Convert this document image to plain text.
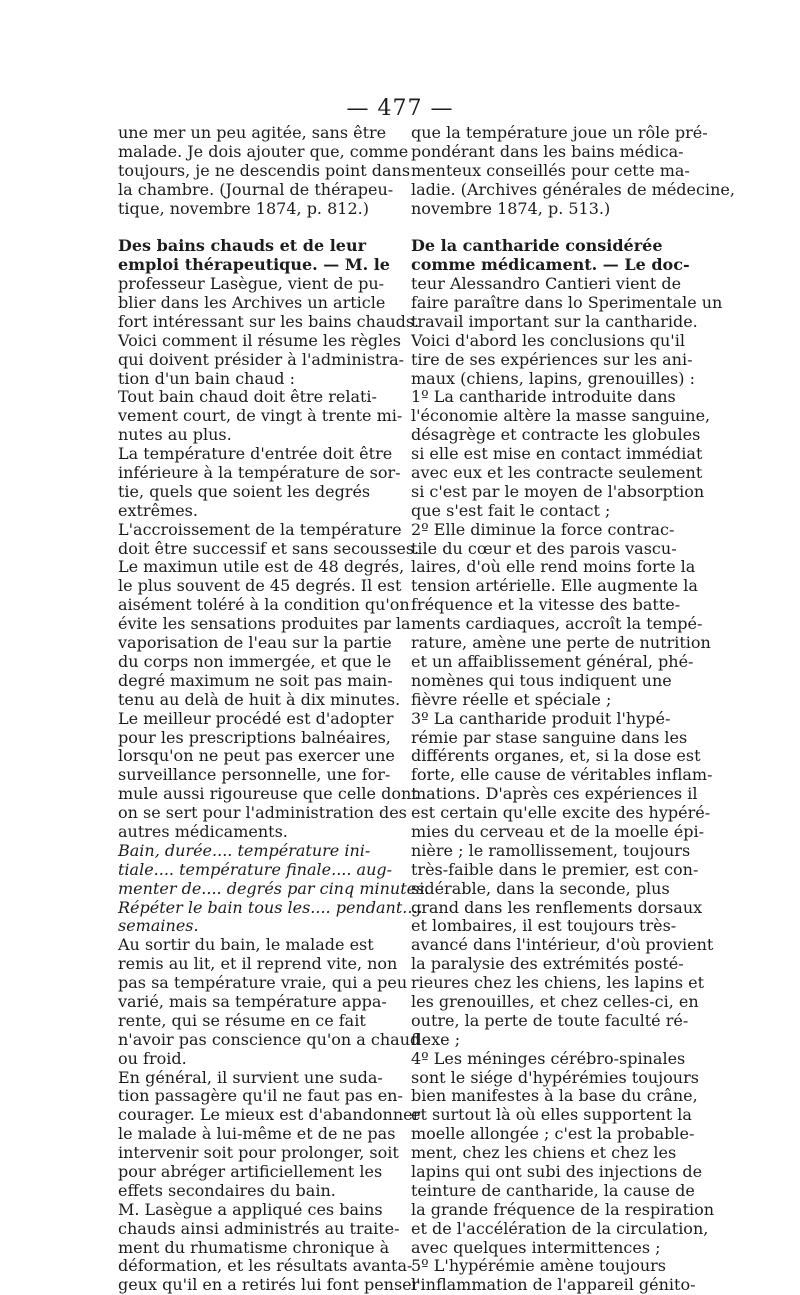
— 477 —
une mer un peu agitée, sans être
malade. Je dois ajouter que, comme
toujours, je ne descendis point dans
la chambre. (Journal de thérapeu-
tique, novembre 1874, p. 812.)
Des bains chauds et de leur
emploi thérapeutique. — M. le
professeur Lasègue, vient de pu-
blier dans les Archives un article
fort intéressant sur les bains chauds.
Voici comment il résume les règles
qui doivent présider à l'administra-
tion d'un bain chaud :
Tout bain chaud doit être relati-
vement court, de vingt à trente mi-
nutes au plus.
La température d'entrée doit être
inférieure à la température de sor-
tie, quels que soient les degrés
extrêmes.
L'accroissement de la température
doit être successif et sans secousses.
Le maximun utile est de 48 degrés,
le plus souvent de 45 degrés. Il est
aisément toléré à la condition qu'on
évite les sensations produites par la
vaporisation de l'eau sur la partie
du corps non immergée, et que le
degré maximum ne soit pas main-
tenu au delà de huit à dix minutes.
Le meilleur procédé est d'adopter
pour les prescriptions balnéaires,
lorsqu'on ne peut pas exercer une
surveillance personnelle, une for-
mule aussi rigoureuse que celle dont
on se sert pour l'administration des
autres médicaments.
Bain, durée.... température ini-
tiale.... température finale.... aug-
menter de.... degrés par cinq minutes.
Répéter le bain tous les.... pendant....
semaines.
Au sortir du bain, le malade est
remis au lit, et il reprend vite, non
pas sa température vraie, qui a peu
varié, mais sa température appa-
rente, qui se résume en ce fait
n'avoir pas conscience qu'on a chaud
ou froid.
En général, il survient une suda-
tion passagère qu'il ne faut pas en-
courager. Le mieux est d'abandonner
le malade à lui-même et de ne pas
intervenir soit pour prolonger, soit
pour abréger artificiellement les
effets secondaires du bain.
M. Lasègue a appliqué ces bains
chauds ainsi administrés au traite-
ment du rhumatisme chronique à
déformation, et les résultats avanta-
geux qu'il en a retirés lui font penser
que la température joue un rôle pré-
pondérant dans les bains médica-
menteux conseillés pour cette ma-
ladie. (Archives générales de médecine,
novembre 1874, p. 513.)
De la cantharide considérée
comme médicament. — Le doc-
teur Alessandro Cantieri vient de
faire paraître dans lo Sperimentale un
travail important sur la cantharide.
Voici d'abord les conclusions qu'il
tire de ses expériences sur les ani-
maux (chiens, lapins, grenouilles) :
1º La cantharide introduite dans
l'économie altère la masse sanguine,
désagrège et contracte les globules
si elle est mise en contact immédiat
avec eux et les contracte seulement
si c'est par le moyen de l'absorption
que s'est fait le contact ;
2º Elle diminue la force contrac-
tile du cœur et des parois vascu-
laires, d'où elle rend moins forte la
tension artérielle. Elle augmente la
fréquence et la vitesse des batte-
ments cardiaques, accroît la tempé-
rature, amène une perte de nutrition
et un affaiblissement général, phé-
nomènes qui tous indiquent une
fièvre réelle et spéciale ;
3º La cantharide produit l'hypé-
rémie par stase sanguine dans les
différents organes, et, si la dose est
forte, elle cause de véritables inflam-
mations. D'après ces expériences il
est certain qu'elle excite des hypéré-
mies du cerveau et de la moelle épi-
nière ; le ramollissement, toujours
très-faible dans le premier, est con-
sidérable, dans la seconde, plus
grand dans les renflements dorsaux
et lombaires, il est toujours très-
avancé dans l'intérieur, d'où provient
la paralysie des extrémités posté-
rieures chez les chiens, les lapins et
les grenouilles, et chez celles-ci, en
outre, la perte de toute faculté ré-
flexe ;
4º Les méninges cérébro-spinales
sont le siége d'hypérémies toujours
bien manifestes à la base du crâne,
et surtout là où elles supportent la
moelle allongée ; c'est la probable-
ment, chez les chiens et chez les
lapins qui ont subi des injections de
teinture de cantharide, la cause de
la grande fréquence de la respiration
et de l'accélération de la circulation,
avec quelques intermittences ;
5º L'hypérémie amène toujours
l'inflammation de l'appareil génito-
